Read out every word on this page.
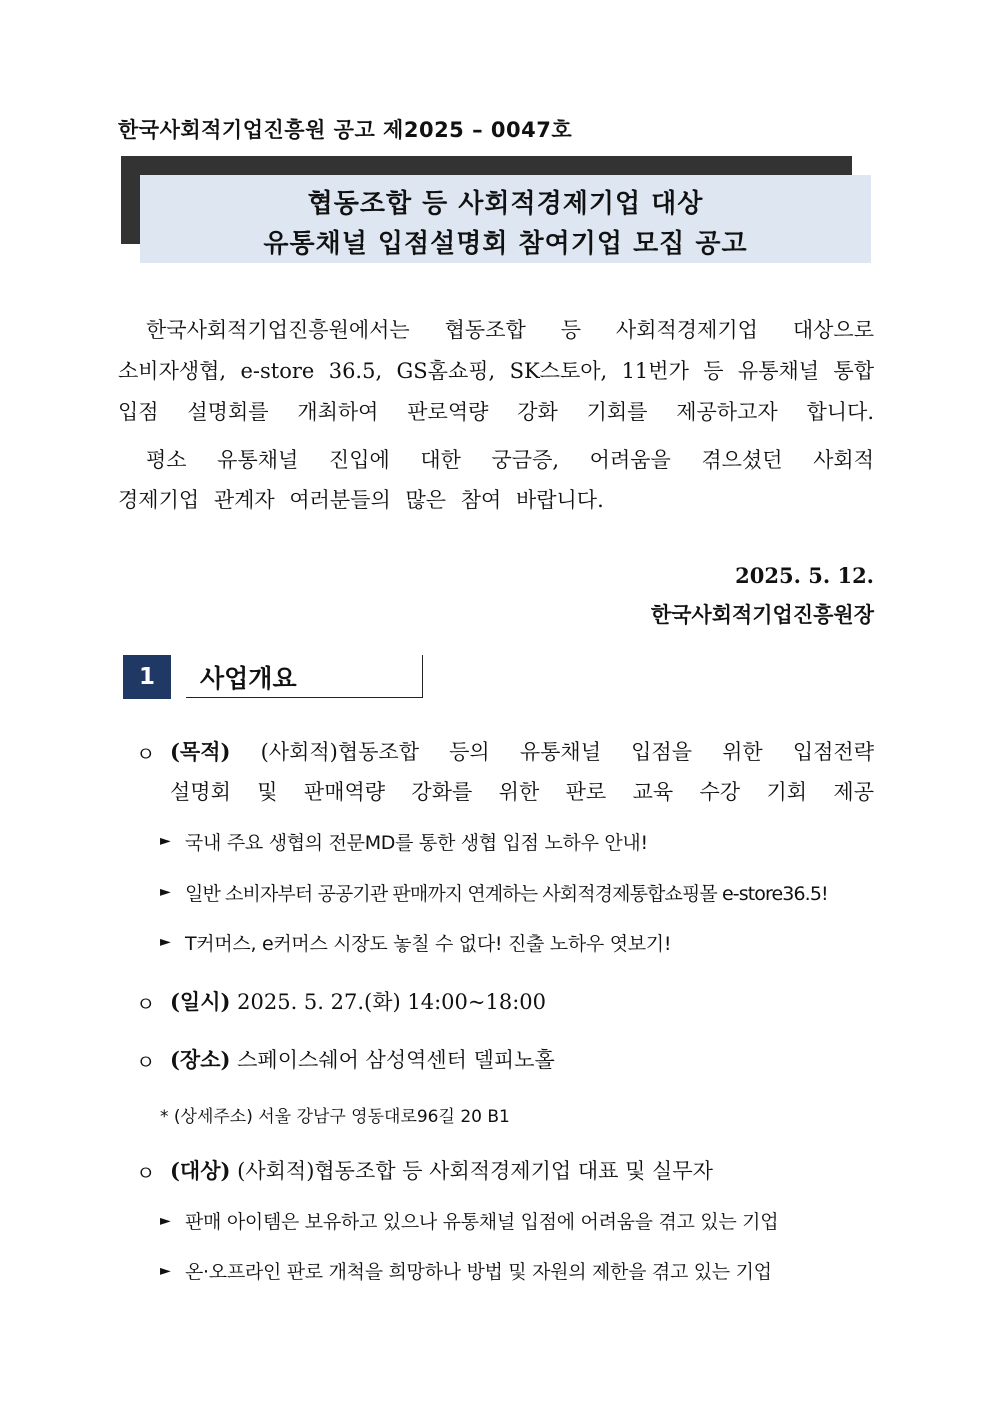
한국사회적기업진흥원 공고 제2025 – 0047호
협동조합 등 사회적경제기업 대상
유통채널 입점설명회 참여기업 모집 공고
한국사회적기업진흥원에서는 협동조합 등 사회적경제기업 대상으로
소비자생협, e-store 36.5, GS홈쇼핑, SK스토아, 11번가 등 유통채널 통합
입점 설명회를 개최하여 판로역량 강화 기회를 제공하고자 합니다.
평소 유통채널 진입에 대한 궁금증, 어려움을 겪으셨던 사회적
경제기업 관계자 여러분들의 많은 참여 바랍니다.
2025. 5. 12.
한국사회적기업진흥원장
1	사업개요
ㅇ (목적) (사회적)협동조합 등의 유통채널 입점을 위한 입점전략
설명회 및 판매역량 강화를 위한 판로 교육 수강 기회 제공
► 국내 주요 생협의 전문MD를 통한 생협 입점 노하우 안내!
► 일반 소비자부터 공공기관 판매까지 연계하는 사회적경제통합쇼핑몰 e-store36.5!
► T커머스, e커머스 시장도 놓칠 수 없다! 진출 노하우 엿보기!
ㅇ (일시) 2025. 5. 27.(화) 14:00~18:00
ㅇ (장소) 스페이스쉐어 삼성역센터 델피노홀
* (상세주소) 서울 강남구 영동대로96길 20 B1
ㅇ (대상) (사회적)협동조합 등 사회적경제기업 대표 및 실무자
► 판매 아이템은 보유하고 있으나 유통채널 입점에 어려움을 겪고 있는 기업
► 온·오프라인 판로 개척을 희망하나 방법 및 자원의 제한을 겪고 있는 기업
